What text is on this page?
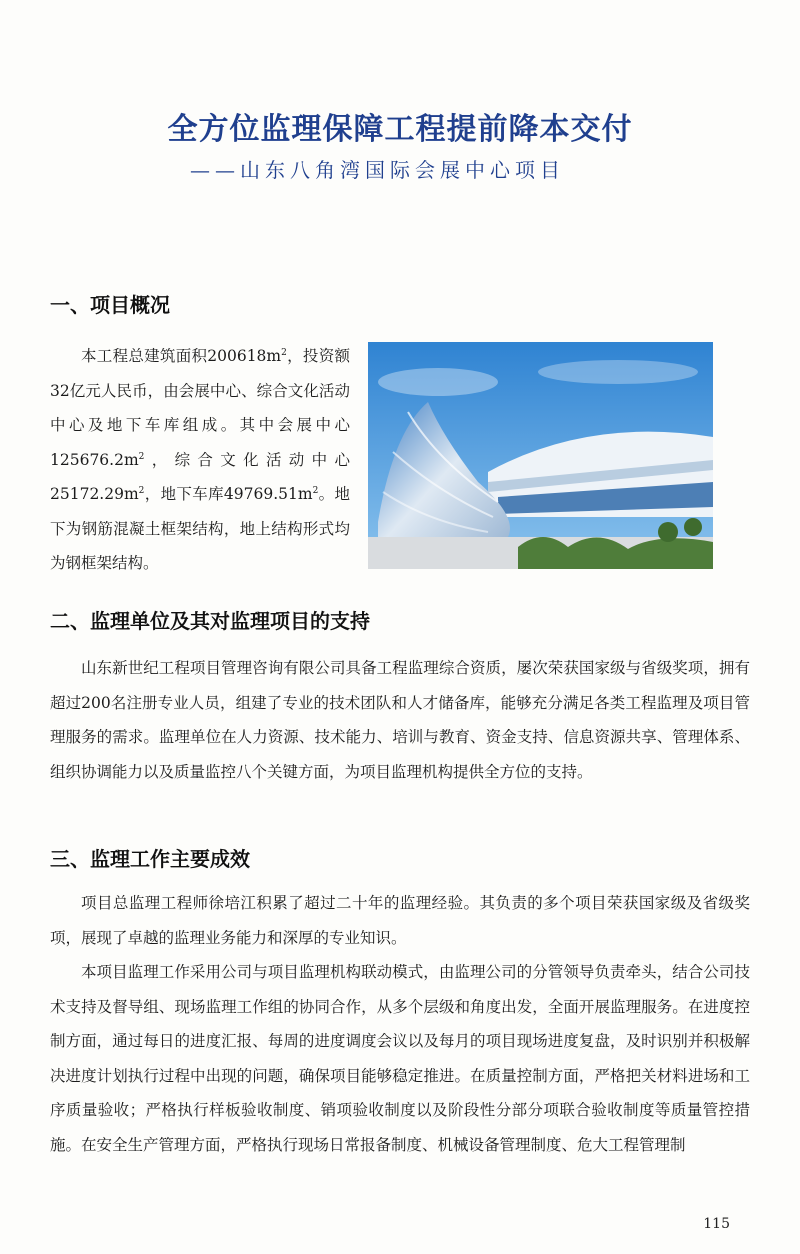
全方位监理保障工程提前降本交付
——山东八角湾国际会展中心项目
一、项目概况

本工程总建筑面积$200618m^2$，投资额32亿元人民币，由会展中心、综合文化活动中心及地下车库组成。其中会展中心$125676.2m^2$，综合文化活动中心$25172.29m^2$，地下车库$49769.51m^2$。地下为钢筋混凝土框架结构，地上结构形式均为钢框架结构。

二、监理单位及其对监理项目的支持

山东新世纪工程项目管理咨询有限公司具备工程监理综合资质，屡次荣获国家级与省级奖项，拥有超过200名注册专业人员，组建了专业的技术团队和人才储备库，能够充分满足各类工程监理及项目管理服务的需求。监理单位在人力资源、技术能力、培训与教育、资金支持、信息资源共享、管理体系、组织协调能力以及质量监控八个关键方面，为项目监理机构提供全方位的支持。

三、监理工作主要成效

项目总监理工程师徐培江积累了超过二十年的监理经验。其负责的多个项目荣获国家级及省级奖项，展现了卓越的监理业务能力和深厚的专业知识。

本项目监理工作采用公司与项目监理机构联动模式，由监理公司的分管领导负责牵头，结合公司技术支持及督导组、现场监理工作组的协同合作，从多个层级和角度出发，全面开展监理服务。在进度控制方面，通过每日的进度汇报、每周的进度调度会议以及每月的项目现场进度复盘，及时识别并积极解决进度计划执行过程中出现的问题，确保项目能够稳定推进。在质量控制方面，严格把关材料进场和工序质量验收；严格执行样板验收制度、销项验收制度以及阶段性分部分项联合验收制度等质量管控措施。在安全生产管理方面，严格执行现场日常报备制度、机械设备管理制度、危大工程管理制

115
